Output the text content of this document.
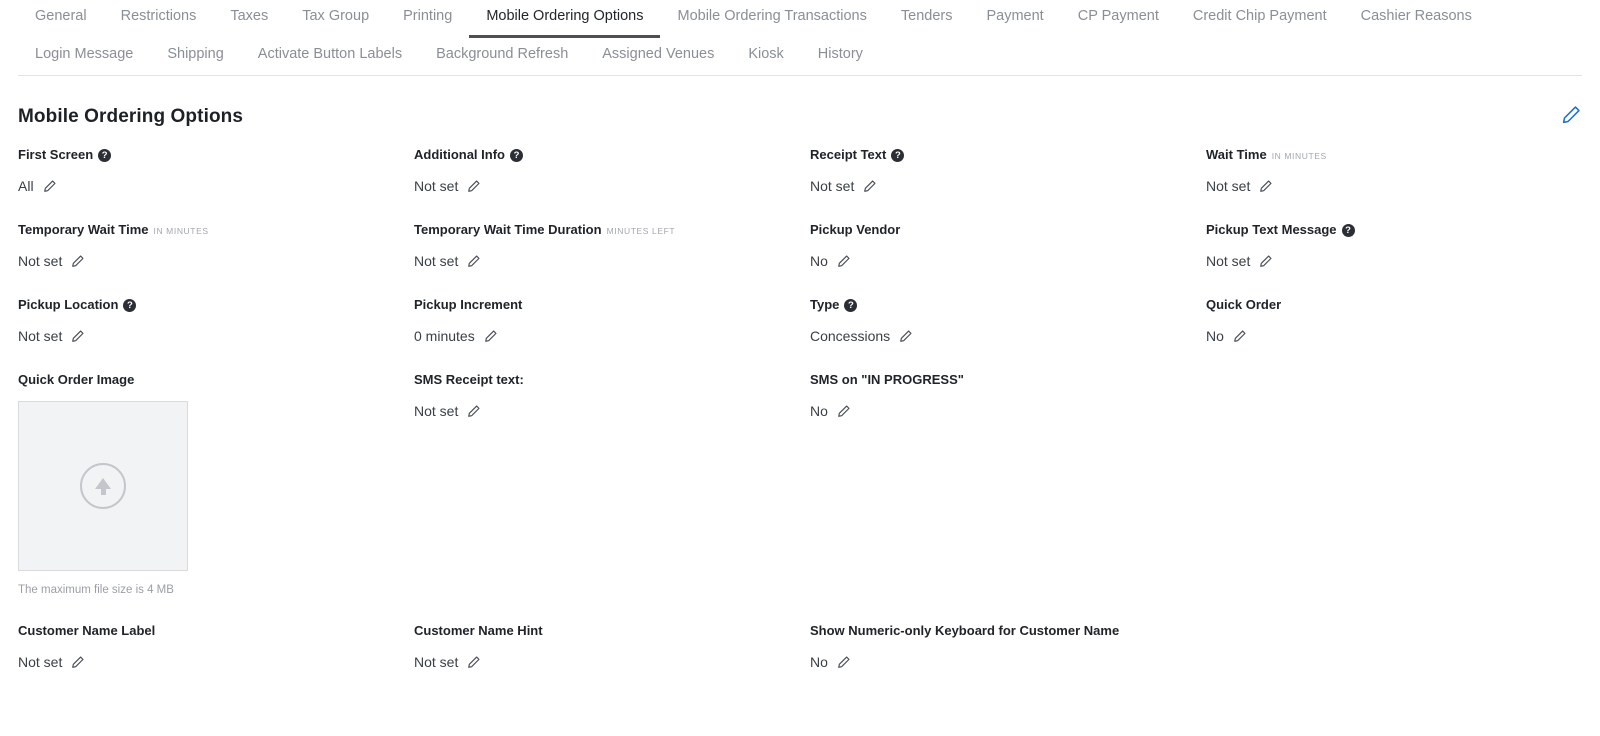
General	Restrictions	Taxes	Tax Group	Printing	Mobile Ordering Options	Mobile Ordering Transactions	Tenders	Payment	CP Payment	Credit Chip Payment	Cashier Reasons
Login Message	Shipping	Activate Button Labels	Background Refresh	Assigned Venues	Kiosk	History
Mobile Ordering Options
First Screen ?
All
Additional Info ?
Not set
Receipt Text ?
Not set
Wait Time IN MINUTES
Not set
Temporary Wait Time IN MINUTES
Not set
Temporary Wait Time Duration MINUTES LEFT
Not set
Pickup Vendor
No
Pickup Text Message ?
Not set
Pickup Location ?
Not set
Pickup Increment
0 minutes
Type ?
Concessions
Quick Order
No
Quick Order Image
The maximum file size is 4 MB
SMS Receipt text:
Not set
SMS on "IN PROGRESS"
No
Customer Name Label
Not set
Customer Name Hint
Not set
Show Numeric-only Keyboard for Customer Name
No
